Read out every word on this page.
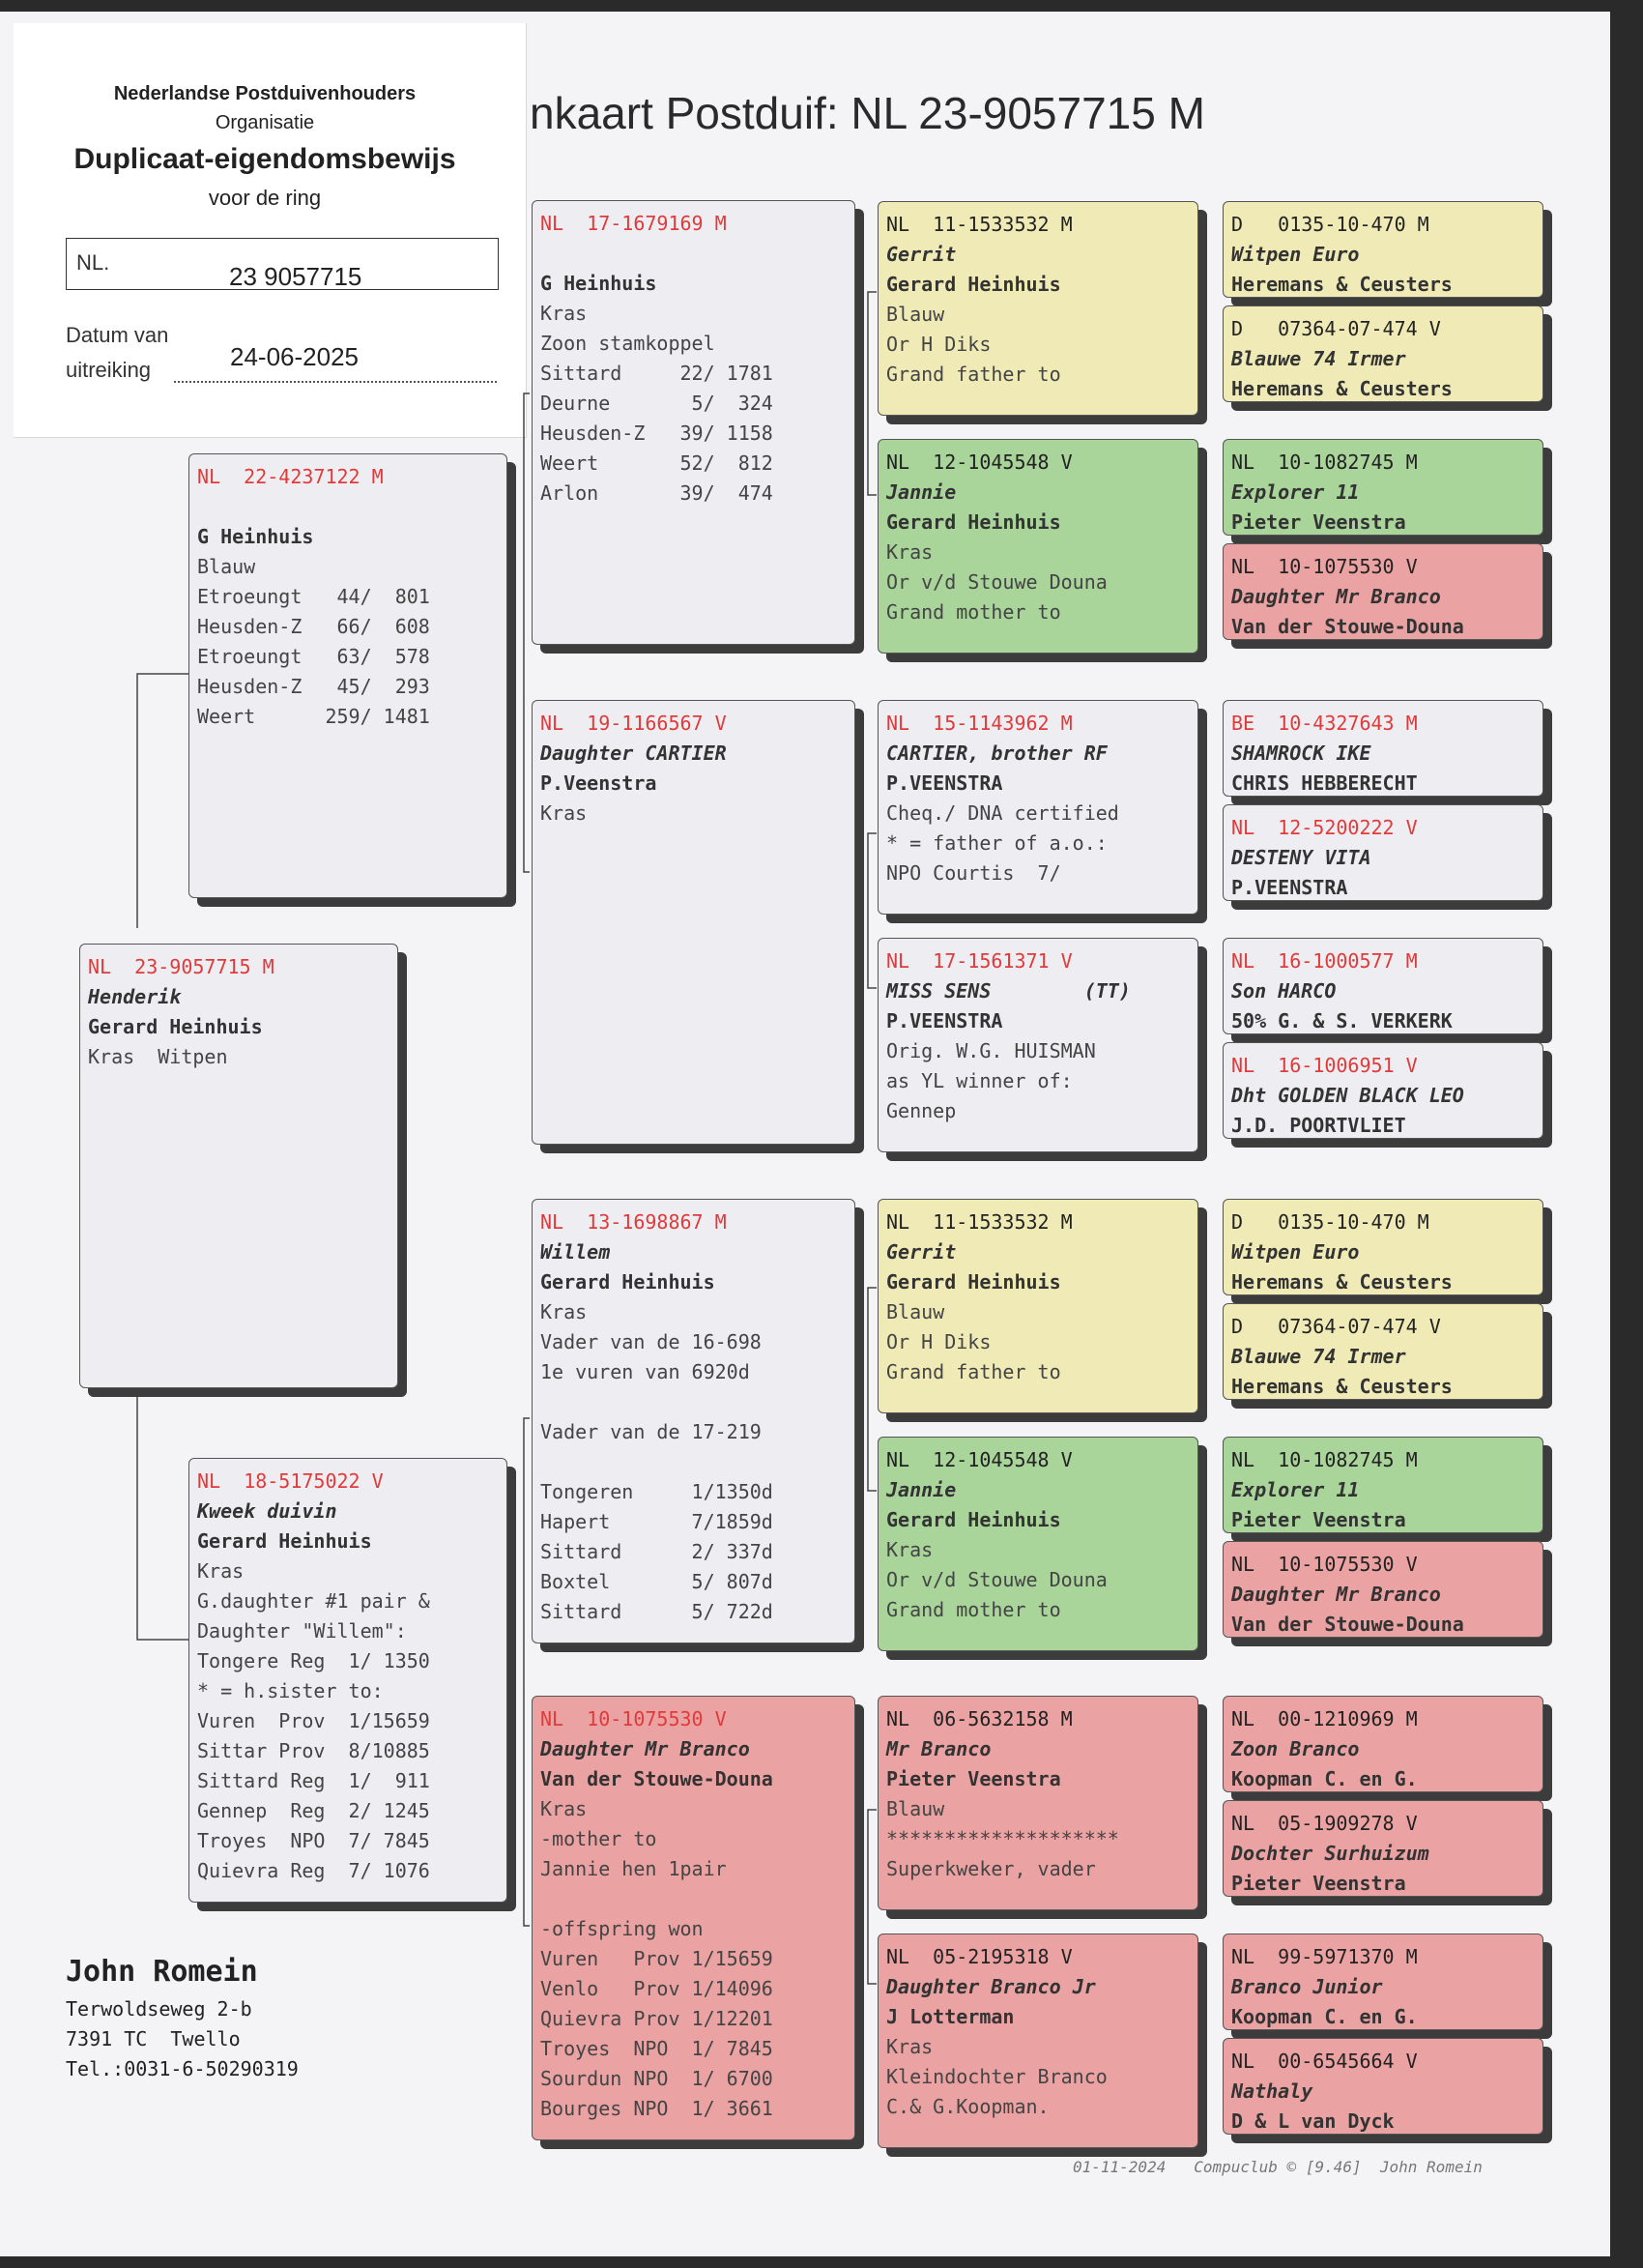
nkaart Postduif: NL 23-9057715 M
Nederlandse Postduivenhouders
Organisatie
Duplicaat-eigendomsbewijs
voor de ring
NL.	23 9057715
Datum van
uitreiking	24-06-2025
NL  23-9057715 M
Henderik
Gerard Heinhuis
Kras  Witpen
NL  22-4237122 M
G Heinhuis
Blauw
Etroeungt   44/  801
Heusden-Z   66/  608
Etroeungt   63/  578
Heusden-Z   45/  293
Weert      259/ 1481
NL  18-5175022 V
Kweek duivin
Gerard Heinhuis
Kras
G.daughter #1 pair &
Daughter "Willem":
Tongere Reg  1/ 1350
* = h.sister to:
Vuren  Prov  1/15659
Sittar Prov  8/10885
Sittard Reg  1/  911
Gennep  Reg  2/ 1245
Troyes  NPO  7/ 7845
Quievra Reg  7/ 1076
NL  17-1679169 M
G Heinhuis
Kras
Zoon stamkoppel
Sittard     22/ 1781
Deurne       5/  324
Heusden-Z   39/ 1158
Weert       52/  812
Arlon       39/  474
NL  19-1166567 V
Daughter CARTIER
P.Veenstra
Kras
NL  13-1698867 M
Willem
Gerard Heinhuis
Kras
Vader van de 16-698
1e vuren van 6920d
Vader van de 17-219
Tongeren     1/1350d
Hapert       7/1859d
Sittard      2/ 337d
Boxtel       5/ 807d
Sittard      5/ 722d
NL  10-1075530 V
Daughter Mr Branco
Van der Stouwe-Douna
Kras
-mother to
Jannie hen 1pair
-offspring won
Vuren   Prov 1/15659
Venlo   Prov 1/14096
Quievra Prov 1/12201
Troyes  NPO  1/ 7845
Sourdun NPO  1/ 6700
Bourges NPO  1/ 3661
NL  11-1533532 M
Gerrit
Gerard Heinhuis
Blauw
Or H Diks
Grand father to
NL  12-1045548 V
Jannie
Gerard Heinhuis
Kras
Or v/d Stouwe Douna
Grand mother to
NL  15-1143962 M
CARTIER, brother RF
P.VEENSTRA
Cheq./ DNA certified
* = father of a.o.:
NPO Courtis  7/
NL  17-1561371 V
MISS SENS        (TT)
P.VEENSTRA
Orig. W.G. HUISMAN
as YL winner of:
Gennep
NL  11-1533532 M
Gerrit
Gerard Heinhuis
Blauw
Or H Diks
Grand father to
NL  12-1045548 V
Jannie
Gerard Heinhuis
Kras
Or v/d Stouwe Douna
Grand mother to
NL  06-5632158 M
Mr Branco
Pieter Veenstra
Blauw
********************
Superkweker, vader
NL  05-2195318 V
Daughter Branco Jr
J Lotterman
Kras
Kleindochter Branco
C.& G.Koopman.
D   0135-10-470 M
Witpen Euro
Heremans & Ceusters
D   07364-07-474 V
Blauwe 74 Irmer
Heremans & Ceusters
NL  10-1082745 M
Explorer 11
Pieter Veenstra
NL  10-1075530 V
Daughter Mr Branco
Van der Stouwe-Douna
BE  10-4327643 M
SHAMROCK IKE
CHRIS HEBBERECHT
NL  12-5200222 V
DESTENY VITA
P.VEENSTRA
NL  16-1000577 M
Son HARCO
50% G. & S. VERKERK
NL  16-1006951 V
Dht GOLDEN BLACK LEO
J.D. POORTVLIET
D   0135-10-470 M
Witpen Euro
Heremans & Ceusters
D   07364-07-474 V
Blauwe 74 Irmer
Heremans & Ceusters
NL  10-1082745 M
Explorer 11
Pieter Veenstra
NL  10-1075530 V
Daughter Mr Branco
Van der Stouwe-Douna
NL  00-1210969 M
Zoon Branco
Koopman C. en G.
NL  05-1909278 V
Dochter Surhuizum
Pieter Veenstra
NL  99-5971370 M
Branco Junior
Koopman C. en G.
NL  00-6545664 V
Nathaly
D & L van Dyck
John Romein
Terwoldseweg 2-b
7391 TC  Twello
Tel.:0031-6-50290319
01-11-2024   Compuclub © [9.46]  John Romein
